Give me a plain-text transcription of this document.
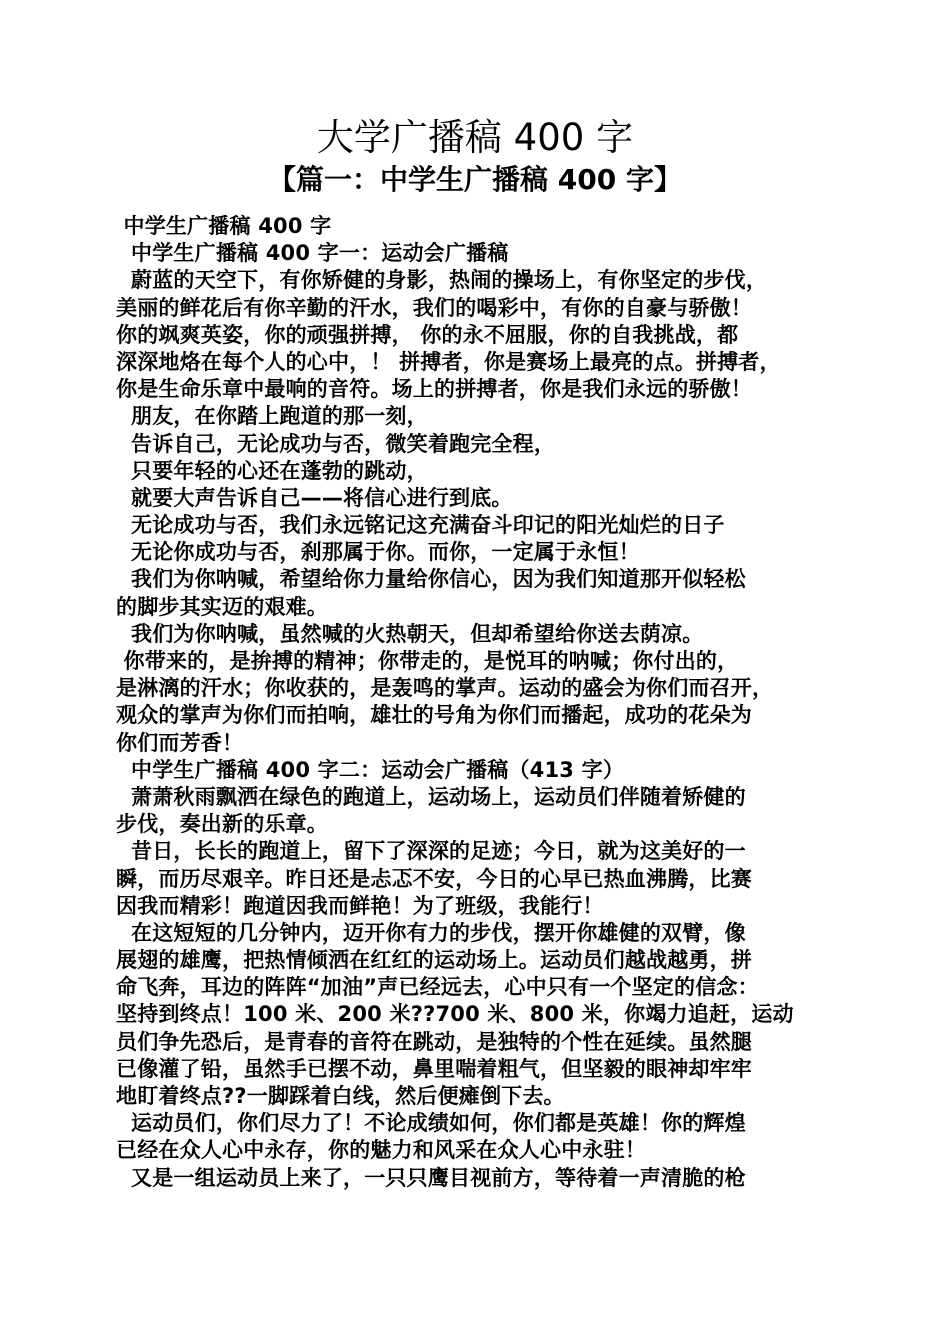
大学广播稿 400 字
【篇一：中学生广播稿 400 字】
中学生广播稿 400 字
中学生广播稿 400 字一：运动会广播稿
蔚蓝的天空下，有你矫健的身影，热闹的操场上，有你坚定的步伐，
美丽的鲜花后有你辛勤的汗水，我们的喝彩中，有你的自豪与骄傲！
你的飒爽英姿，你的顽强拼搏， 你的永不屈服，你的自我挑战，都
深深地烙在每个人的心中，！ 拼搏者，你是赛场上最亮的点。拼搏者，
你是生命乐章中最响的音符。场上的拼搏者，你是我们永远的骄傲！
朋友，在你踏上跑道的那一刻，
告诉自己，无论成功与否，微笑着跑完全程，
只要年轻的心还在蓬勃的跳动，
就要大声告诉自己——将信心进行到底。
无论成功与否，我们永远铭记这充满奋斗印记的阳光灿烂的日子
无论你成功与否，刹那属于你。而你，一定属于永恒！
我们为你呐喊，希望给你力量给你信心，因为我们知道那开似轻松
的脚步其实迈的艰难。
我们为你呐喊，虽然喊的火热朝天，但却希望给你送去荫凉。
你带来的，是拚搏的精神；你带走的，是悦耳的呐喊；你付出的，
是淋漓的汗水；你收获的，是轰鸣的掌声。运动的盛会为你们而召开，
观众的掌声为你们而拍响，雄壮的号角为你们而播起，成功的花朵为
你们而芳香！
中学生广播稿 400 字二：运动会广播稿（413 字）
萧萧秋雨飘洒在绿色的跑道上，运动场上，运动员们伴随着矫健的
步伐，奏出新的乐章。
昔日，长长的跑道上，留下了深深的足迹；今日，就为这美好的一
瞬，而历尽艰辛。昨日还是忐忑不安，今日的心早已热血沸腾，比赛
因我而精彩！跑道因我而鲜艳！为了班级，我能行！
在这短短的几分钟内，迈开你有力的步伐，摆开你雄健的双臂，像
展翅的雄鹰，把热情倾洒在红红的运动场上。运动员们越战越勇，拼
命飞奔，耳边的阵阵“加油”声已经远去，心中只有一个坚定的信念：
坚持到终点！100 米、200 米??700 米、800 米，你竭力追赶，运动
员们争先恐后，是青春的音符在跳动，是独特的个性在延续。虽然腿
已像灌了铅，虽然手已摆不动，鼻里喘着粗气，但坚毅的眼神却牢牢
地盯着终点??一脚踩着白线，然后便瘫倒下去。
运动员们，你们尽力了！不论成绩如何，你们都是英雄！你的辉煌
已经在众人心中永存，你的魅力和风采在众人心中永驻！
又是一组运动员上来了，一只只鹰目视前方，等待着一声清脆的枪
